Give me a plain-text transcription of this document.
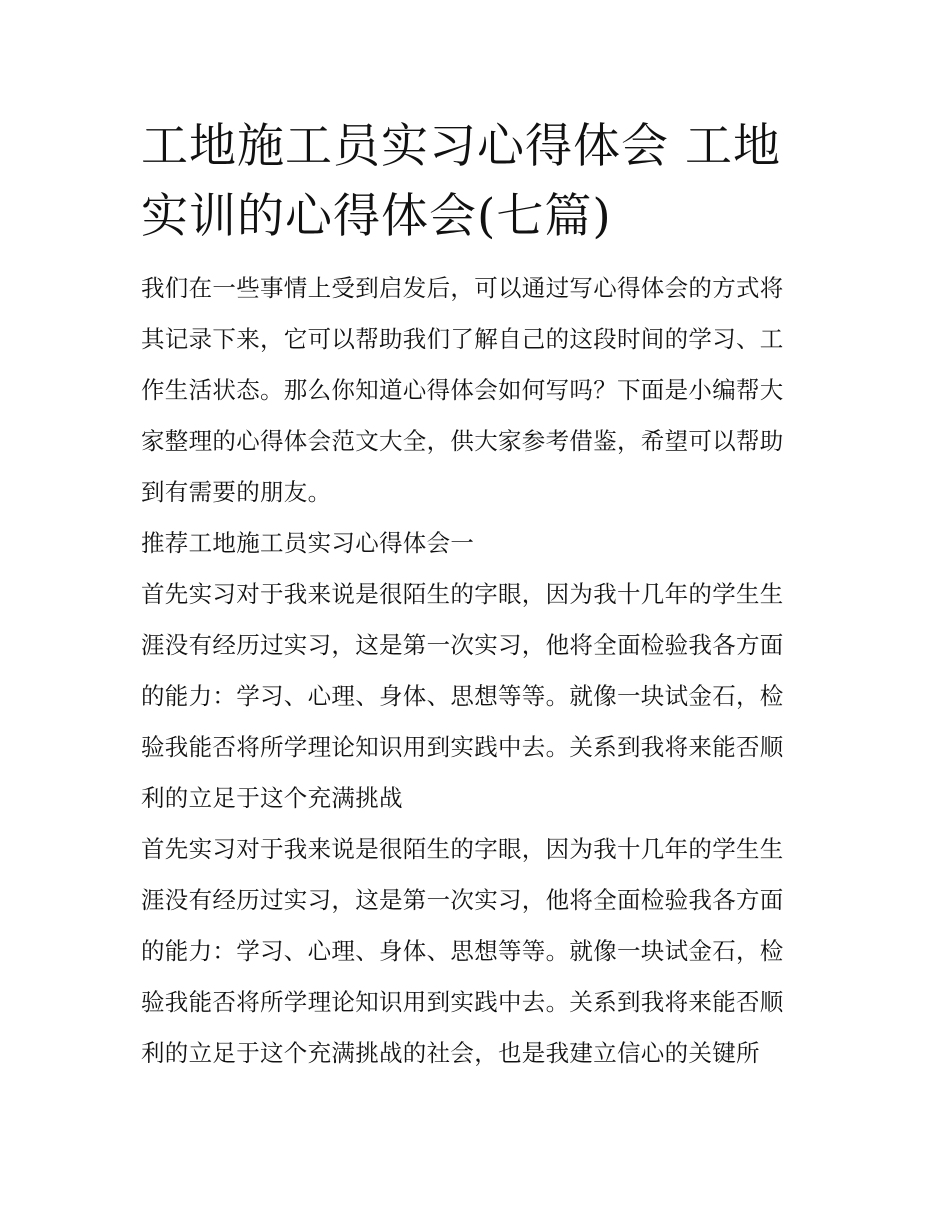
工地施工员实习心得体会 工地
实训的心得体会(七篇)

我们在一些事情上受到启发后，可以通过写心得体会的方式将
其记录下来，它可以帮助我们了解自己的这段时间的学习、工
作生活状态。那么你知道心得体会如何写吗？下面是小编帮大
家整理的心得体会范文大全，供大家参考借鉴，希望可以帮助
到有需要的朋友。

推荐工地施工员实习心得体会一

首先实习对于我来说是很陌生的字眼，因为我十几年的学生生
涯没有经历过实习，这是第一次实习，他将全面检验我各方面
的能力：学习、心理、身体、思想等等。就像一块试金石，检
验我能否将所学理论知识用到实践中去。关系到我将来能否顺
利的立足于这个充满挑战

首先实习对于我来说是很陌生的字眼，因为我十几年的学生生
涯没有经历过实习，这是第一次实习，他将全面检验我各方面
的能力：学习、心理、身体、思想等等。就像一块试金石，检
验我能否将所学理论知识用到实践中去。关系到我将来能否顺
利的立足于这个充满挑战的社会，也是我建立信心的关键所
